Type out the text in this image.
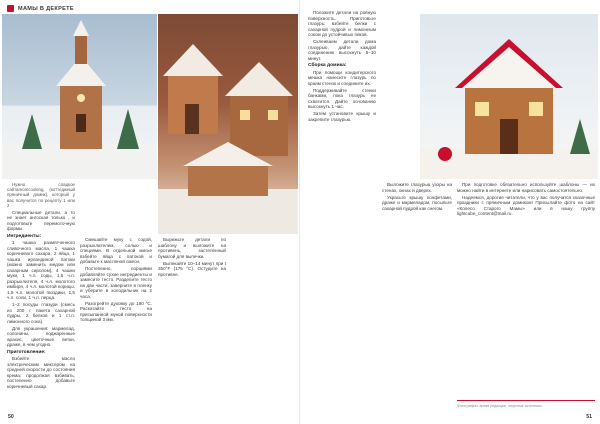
МАМЫ В ДЕКРЕТЕ

Нужно сладкое сайтаmomcooking, (коттеджный пряничный домик), который у вас получится по рецепту 1 или 2

Специальные детали, а то не знает ангоская только , и подготовьте перемоточную формы.

Ингредиенты:

1 чашка размягченного сливочного масла, 1 чашка коричневого сахара, 2 яйца, 1 чашка ирландиной патоки (можно заменить медом или сахарным сиропом), 4 чашки муки, 1 ч.л. соды, 1,5 ч.л. разрыхлителя, 4 ч.л. молотого имбиря, 4 ч.л. молотой корицы, 1,5 ч.л. молотой гвоздики, 1,5 ч.л. соли, 1 ч.л. перца.

1–2 посуды глазури (смесь из 200 г пакета сахарной пудры, 2 белков и 1 ст.л. лимонного сока).

Для украшения: мармелад, солонины, поджаренные арахис, цветочные ветки, драже, в чем угодно.

Приготовление:

Взбейте масло электрическим миксером на средней скорости до состояния крема; продолжая взбивать, постепенно добавьте коричневый сахар.

Смешайте муку с содой, разрыхлителем, солью и специями. В отдельной миске взбейте яйца с патокой и добавьте к масляной смеси.

Постепенно, порциями добавляйте сухие ингредиенты и замесите тесто. Разделите тесто на две части, заверните в пленку и уберите в холодильник на 2 часа.

Разогрейте духовку до 190 °C. Раскатайте тесто на присыпанной мукой поверхности толщиной 3 мм.

Вырежьте детали по шаблону и выложите на противень, застеленный бумагой для выпечки.

Выпекайте 10–14 минут при t 350°F (175 °C). Остудите на противне.

50

Положите детали на ровную поверхность. Приготовьте глазурь: взбейте белки с сахарной пудрой и лимонным соком до устойчивых пиков.

Склеиваем детали дома глазурью, дайте каждой соединению высохнуть 5–10 минут.

Сборка домика:

При помощи кондитерского мешка нанесите глазурь по краям стенок и соедините их.

Поддерживайте стенки банками, пока глазурь не схватится. Дайте основанию высохнуть 1 час.

Затем установите крышу и закрепите глазурью.

Выложите глазурью узоры на стенах, окнах и дверях.

Украсьте крышу конфетами, драже и мармеладом, посыпьте сахарной пудрой как снегом.

При подготовке обязательно используйте шаблоны — их можно найти в интернете или нарисовать самостоятельно.

Надеемся, дорогие читатели, что у вас получатся сказочные праздники с пряничным домиком! Присылайте фото на сайт «Колесо Старого Мамы» или в нашу группу lightcube_content@mail.ru.

Фотографии: архив редакции, открытые источники.
51
